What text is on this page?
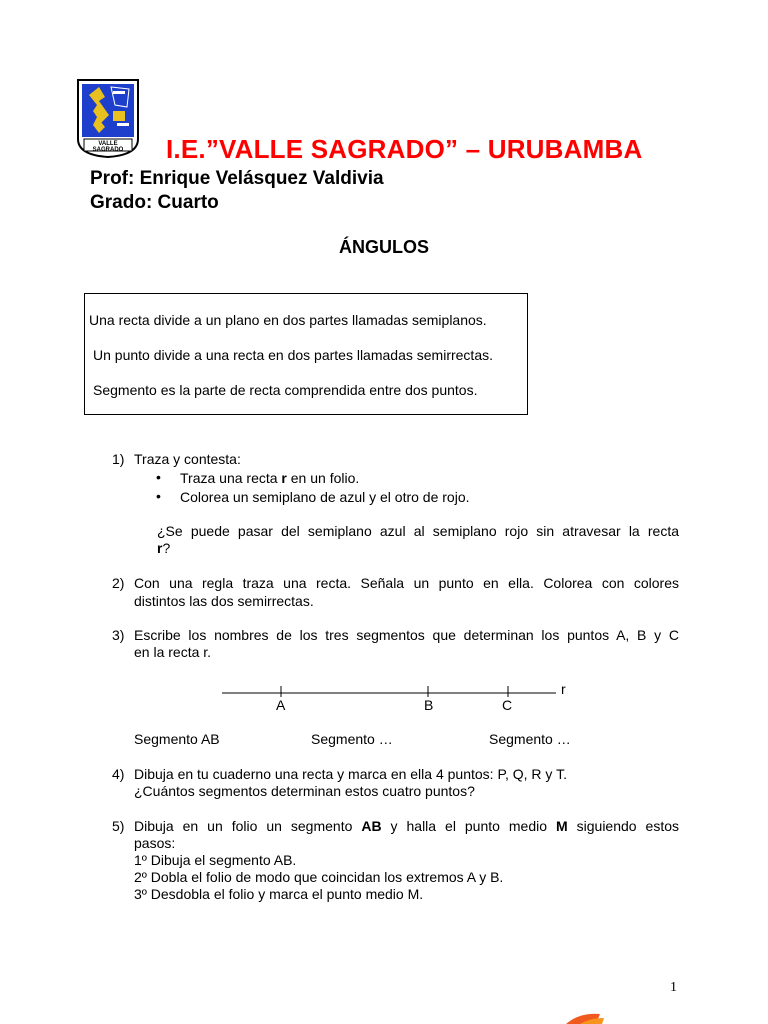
VALLE SAGRADO	I.E.”VALLE SAGRADO” – URUBAMBA
Prof: Enrique Velásquez Valdivia
Grado: Cuarto
ÁNGULOS
Una recta divide a un plano en dos partes llamadas semiplanos.
Un punto divide a una recta en dos partes llamadas semirrectas.
Segmento es la parte de recta comprendida entre dos puntos.
1) Traza y contesta:
• Traza una recta r en un folio.
• Colorea un semiplano de azul y el otro de rojo.
¿Se puede pasar del semiplano azul al semiplano rojo sin atravesar la recta
r?
2) Con una regla traza una recta. Señala un punto en ella. Colorea con colores
distintos las dos semirrectas.
3) Escribe los nombres de los tres segmentos que determinan los puntos A, B y C
en la recta r.
r
A	B	C
Segmento AB	Segmento …	Segmento …
4) Dibuja en tu cuaderno una recta y marca en ella 4 puntos: P, Q, R y T.
¿Cuántos segmentos determinan estos cuatro puntos?
5) Dibuja en un folio un segmento AB y halla el punto medio M siguiendo estos
pasos:
1º Dibuja el segmento AB.
2º Dobla el folio de modo que coincidan los extremos A y B.
3º Desdobla el folio y marca el punto medio M.
1
